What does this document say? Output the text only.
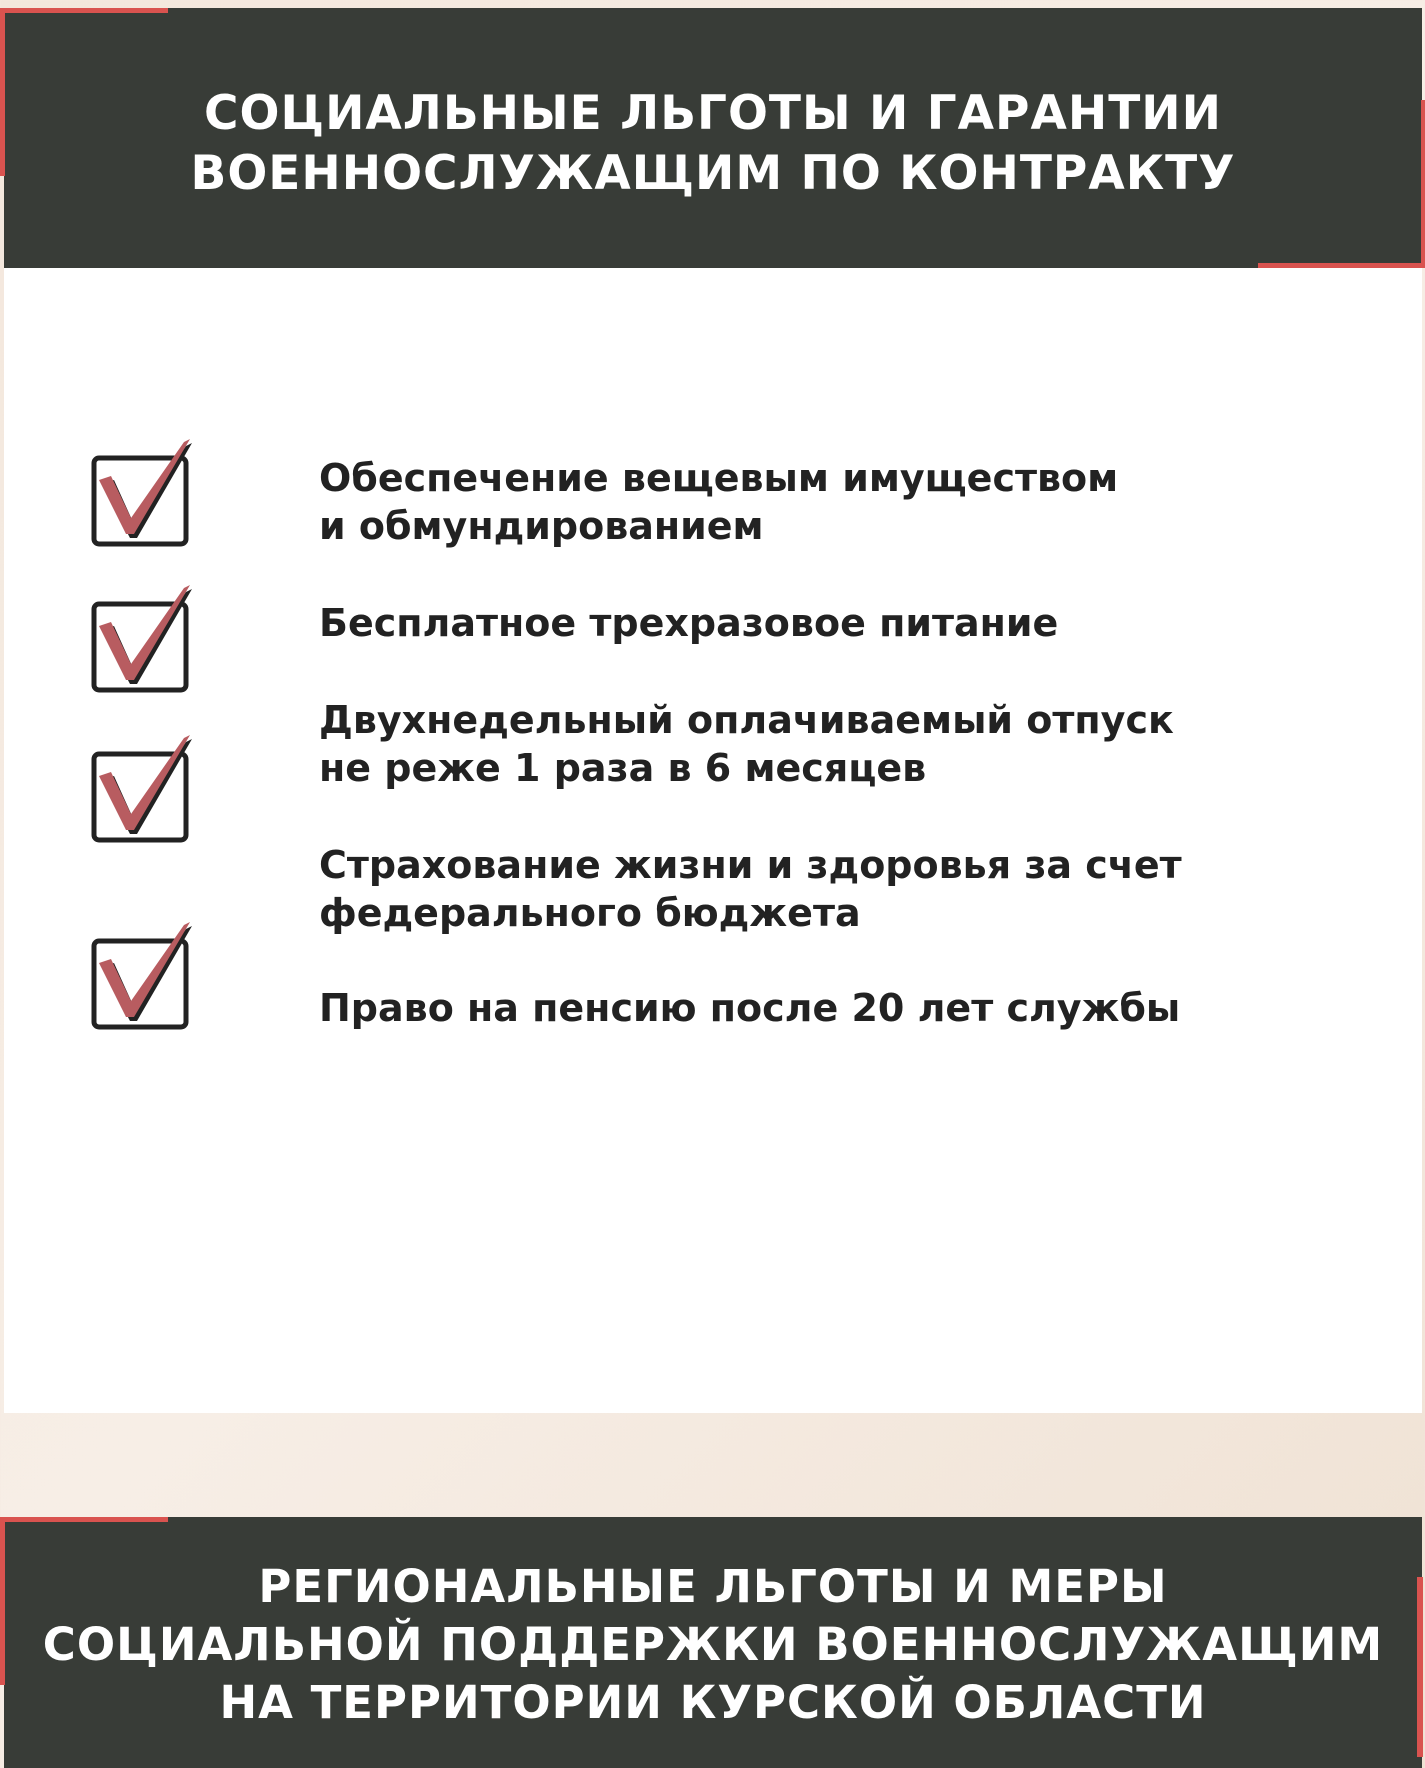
СОЦИАЛЬНЫЕ ЛЬГОТЫ И ГАРАНТИИ
ВОЕННОСЛУЖАЩИМ ПО КОНТРАКТУ
Обеспечение вещевым имуществом
и обмундированием
Бесплатное трехразовое питание
Двухнедельный оплачиваемый отпуск
не реже 1 раза в 6 месяцев
Страхование жизни и здоровья за счет
федерального бюджета
Право на пенсию после 20 лет службы
РЕГИОНАЛЬНЫЕ ЛЬГОТЫ И МЕРЫ
СОЦИАЛЬНОЙ ПОДДЕРЖКИ ВОЕННОСЛУЖАЩИМ
НА ТЕРРИТОРИИ КУРСКОЙ ОБЛАСТИ
